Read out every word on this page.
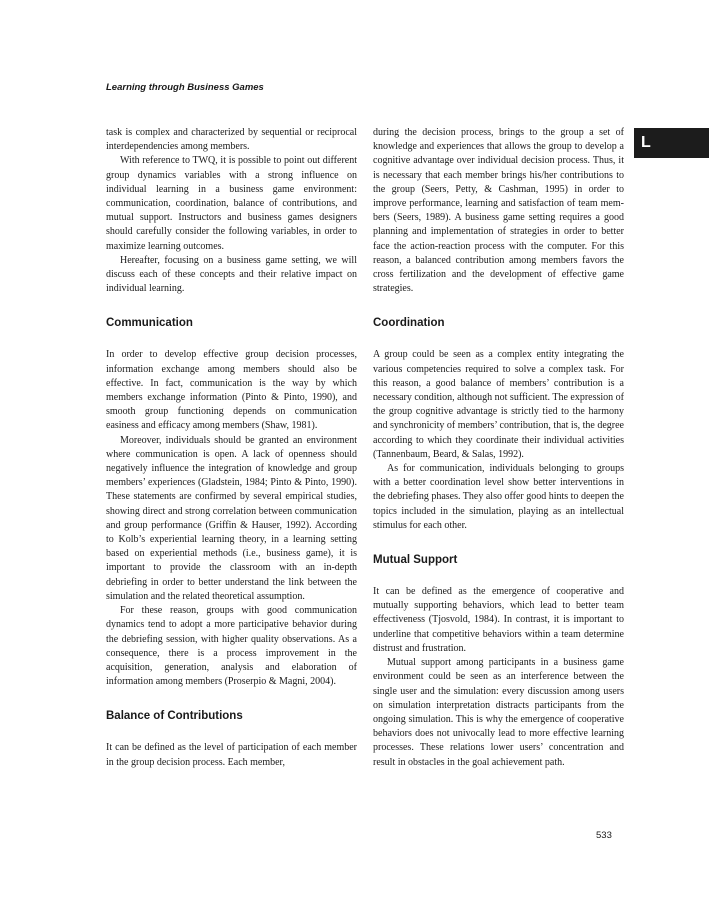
Learning through Business Games
L

task is complex and characterized by sequential or reciprocal interdependencies among members.

With reference to TWQ, it is possible to point out different group dynamics variables with a strong influence on individual learning in a business game environment: communication, coordination, balance of contributions, and mutual support. Instructors and business games designers should carefully consider the following variables, in order to maximize learning outcomes.

Hereafter, focusing on a business game setting, we will discuss each of these concepts and their relative impact on individual learning.

Communication

In order to develop effective group decision processes, information exchange among members should also be effective. In fact, communication is the way by which members exchange information (Pinto & Pinto, 1990), and smooth group functioning depends on communication easiness and efficacy among members (Shaw, 1981).

Moreover, individuals should be granted an environment where communication is open. A lack of openness should negatively influence the integration of knowledge and group members’ experiences (Gladstein, 1984; Pinto & Pinto, 1990). These statements are confirmed by several empirical studies, showing direct and strong correlation between communication and group performance (Griffin & Hauser, 1992). According to Kolb’s experiential learning theory, in a learning setting based on experiential methods (i.e., business game), it is important to provide the classroom with an in-depth debriefing in order to better understand the link between the simulation and the related theoretical assumption.

For these reason, groups with good communication dynamics tend to adopt a more participative behavior during the debriefing session, with higher quality observations. As a consequence, there is a process improvement in the acquisition, generation, analysis and elaboration of information among members (Proserpio & Magni, 2004).

Balance of Contributions

It can be defined as the level of participation of each member in the group decision process. Each member,

during the decision process, brings to the group a set of knowledge and experiences that allows the group to develop a cognitive advantage over individual decision process. Thus, it is necessary that each member brings his/her contributions to the group (Seers, Petty, & Cashman, 1995) in order to improve performance, learning and satisfaction of team members (Seers, 1989). A business game setting requires a good planning and implementation of strategies in order to better face the action-reaction process with the computer. For this reason, a balanced contribution among members favors the cross fertilization and the development of effective game strategies.

Coordination

A group could be seen as a complex entity integrating the various competencies required to solve a complex task. For this reason, a good balance of members’ contribution is a necessary condition, although not sufficient. The expression of the group cognitive advantage is strictly tied to the harmony and synchronicity of members’ contribution, that is, the degree according to which they coordinate their individual activities (Tannenbaum, Beard, & Salas, 1992).

As for communication, individuals belonging to groups with a better coordination level show better interventions in the debriefing phases. They also offer good hints to deepen the topics included in the simulation, playing as an intellectual stimulus for each other.

Mutual Support

It can be defined as the emergence of cooperative and mutually supporting behaviors, which lead to better team effectiveness (Tjosvold, 1984). In contrast, it is important to underline that competitive behaviors within a team determine distrust and frustration.

Mutual support among participants in a business game environment could be seen as an interference between the single user and the simulation: every discussion among users on simulation interpretation distracts participants from the ongoing simulation. This is why the emergence of cooperative behaviors does not univocally lead to more effective learning processes. These relations lower users’ concentration and result in obstacles in the goal achievement path.

533
